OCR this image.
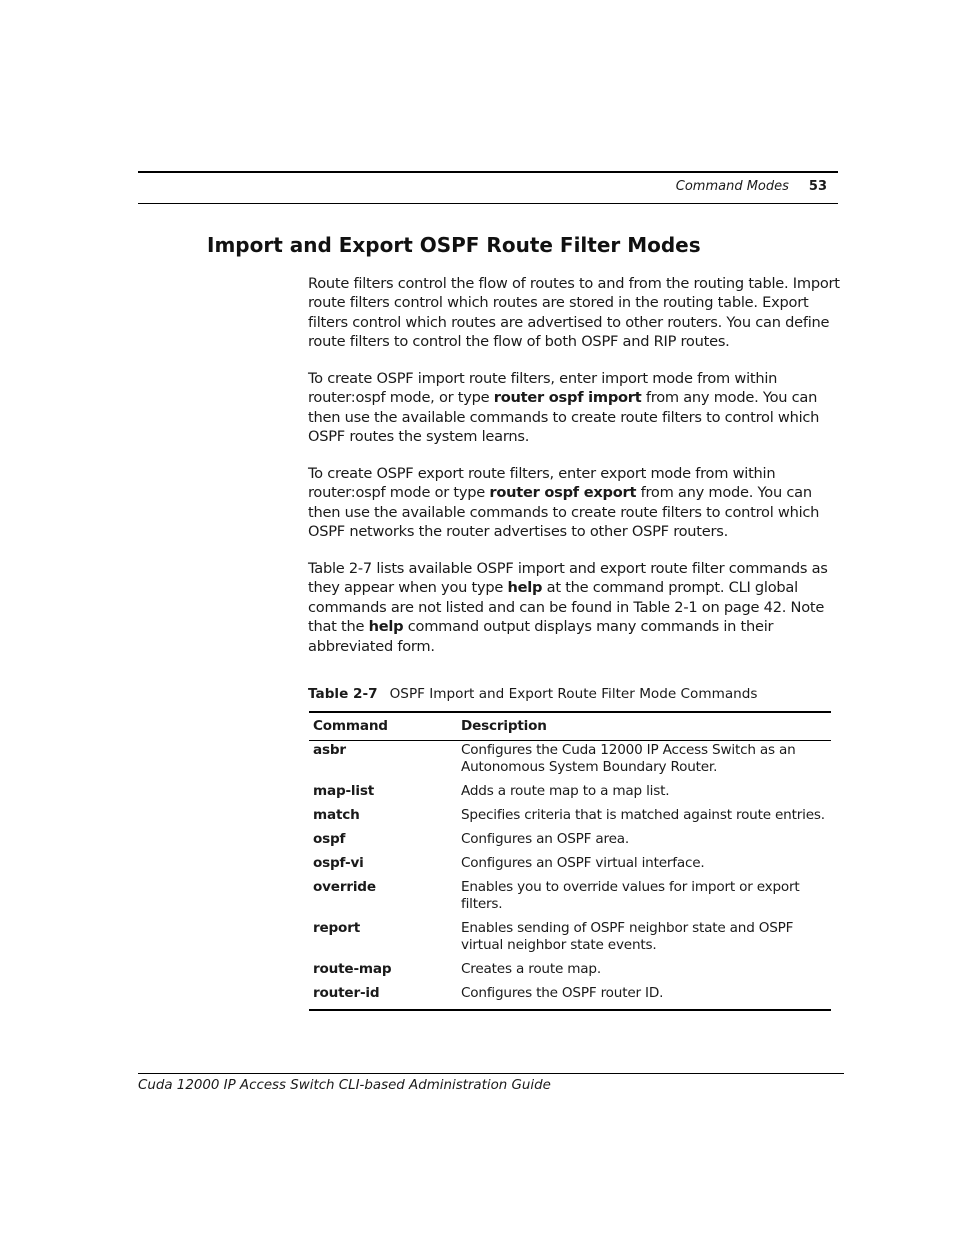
Command Modes 53
Import and Export OSPF Route Filter Modes

Route filters control the flow of routes to and from the routing table. Import route filters control which routes are stored in the routing table. Export filters control which routes are advertised to other routers. You can define route filters to control the flow of both OSPF and RIP routes.

To create OSPF import route filters, enter import mode from within router:ospf mode, or type router ospf import from any mode. You can then use the available commands to create route filters to control which OSPF routes the system learns.

To create OSPF export route filters, enter export mode from within router:ospf mode or type router ospf export from any mode. You can then use the available commands to create route filters to control which OSPF networks the router advertises to other OSPF routers.

Table 2-7 lists available OSPF import and export route filter commands as they appear when you type help at the command prompt. CLI global commands are not listed and can be found in Table 2-1 on page 42. Note that the help command output displays many commands in their abbreviated form.

Table 2-7 OSPF Import and Export Route Filter Mode Commands
Command	Description
asbr	Configures the Cuda 12000 IP Access Switch as an Autonomous System Boundary Router.
map-list	Adds a route map to a map list.
match	Specifies criteria that is matched against route entries.
ospf	Configures an OSPF area.
ospf-vi	Configures an OSPF virtual interface.
override	Enables you to override values for import or export filters.
report	Enables sending of OSPF neighbor state and OSPF virtual neighbor state events.
route-map	Creates a route map.
router-id	Configures the OSPF router ID.
Cuda 12000 IP Access Switch CLI-based Administration Guide
